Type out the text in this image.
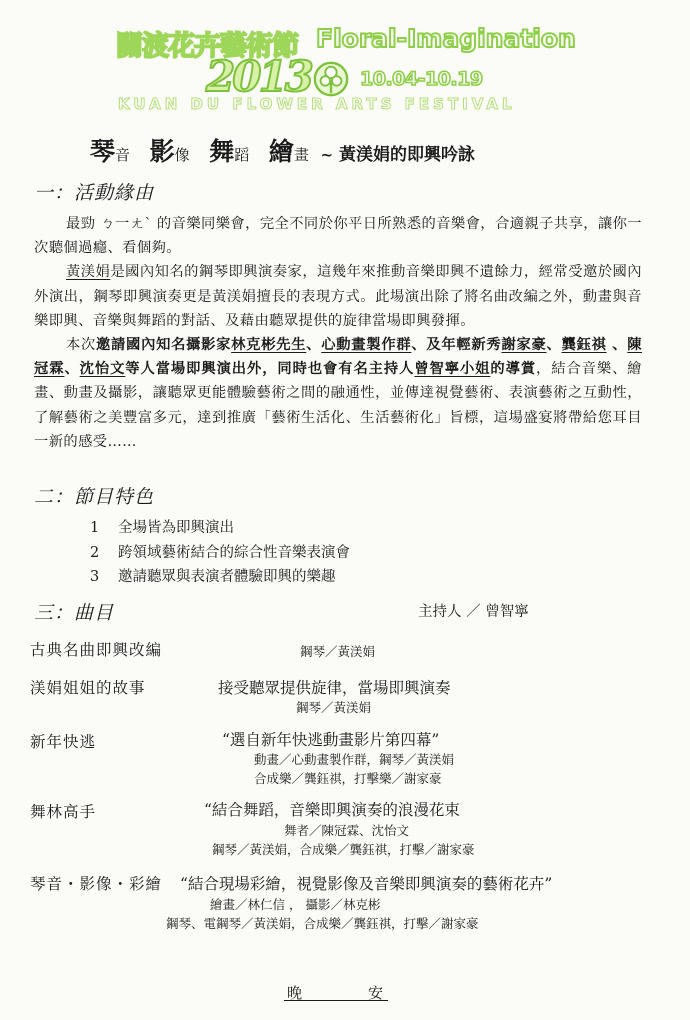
關渡花卉藝術節 Floral-Imagination
2013	10.04-10.19
KUAN DU FLOWER ARTS FESTIVAL
琴音 影像 舞蹈 繪畫 ~ 黃渼娟的即興吟詠
一：活動緣由

最勁 ㄅ一ㄤˋ 的音樂同樂會，完全不同於你平日所熟悉的音樂會，合適親子共享，讓你一次聽個過癮、看個夠。

黃渼娟是國內知名的鋼琴即興演奏家，這幾年來推動音樂即興不遺餘力，經常受邀於國內外演出，鋼琴即興演奏更是黃渼娟擅長的表現方式。此場演出除了將名曲改編之外，動畫與音樂即興、音樂與舞蹈的對話、及藉由聽眾提供的旋律當場即興發揮。

本次邀請國內知名攝影家林克彬先生、心動畫製作群、及年輕新秀謝家豪、龔鈺祺 、陳冠霖、沈怡文等人當場即興演出外，同時也會有名主持人曾智寧小姐的導賞，結合音樂、繪畫、動畫及攝影，讓聽眾更能體驗藝術之間的融通性，並傳達視覺藝術、表演藝術之互動性，了解藝術之美豐富多元，達到推廣「藝術生活化、生活藝術化」旨標，這場盛宴將帶給您耳目一新的感受……

二：節目特色
1 全場皆為即興演出
2 跨領域藝術結合的綜合性音樂表演會
3 邀請聽眾與表演者體驗即興的樂趣
三：曲目	主持人 ／ 曾智寧
古典名曲即興改編	鋼琴／黃渼娟
渼娟姐姐的故事	接受聽眾提供旋律，當場即興演奏
鋼琴／黃渼娟
新年快逃	“選自新年快逃動畫影片第四幕”
動畫／心動畫製作群，鋼琴／黃渼娟
合成樂／龔鈺祺，打擊樂／謝家豪
舞林高手	“結合舞蹈，音樂即興演奏的浪漫花束
舞者／陳冠霖、沈怡文
鋼琴／黃渼娟，合成樂／龔鈺祺，打擊／謝家豪
琴音・影像・彩繪 “結合現場彩繪，視覺影像及音樂即興演奏的藝術花卉”
繪畫／林仁信 ， 攝影／林克彬
鋼琴、電鋼琴／黃渼娟，合成樂／龔鈺祺，打擊／謝家豪
晚	安
